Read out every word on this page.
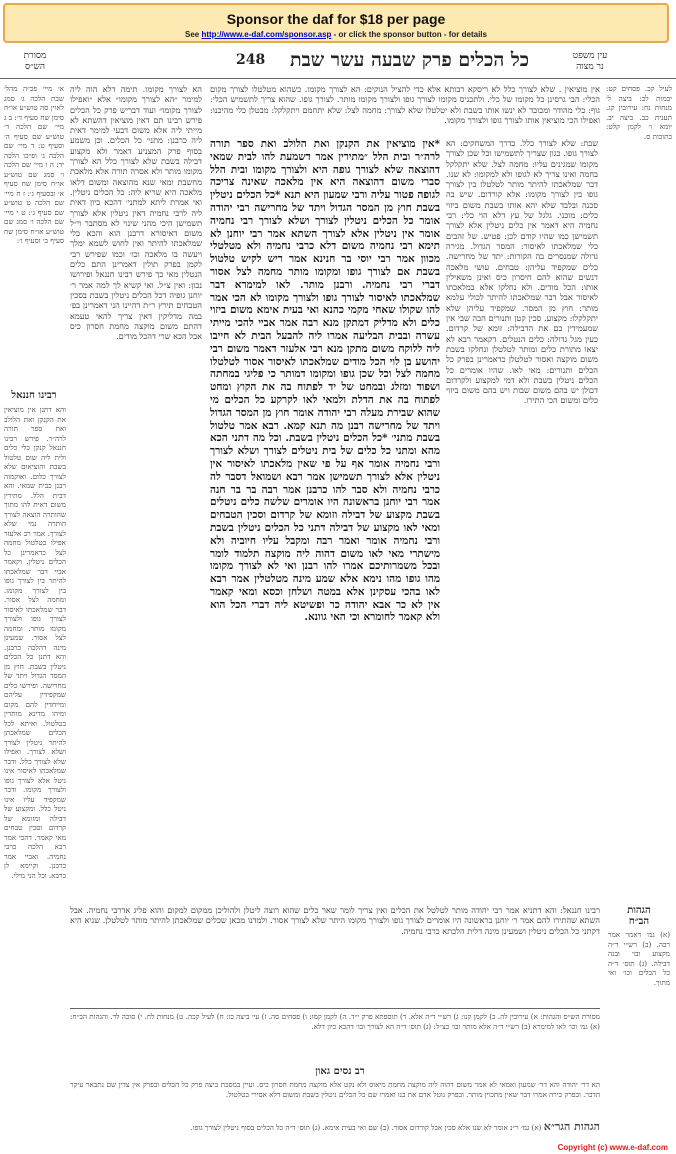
Sponsor the daf for $18 per page
See http://www.e-daf.com/sponsor.asp - or click the sponsor button - for details
מסורת
הש״ס	248 כל הכלים פרק שבעה עשר שבת	עין משפט
נר מצוה

א׳ מיי׳ פכ״ה מהל׳ שבת הלכה ג׳ סמג לאוין סה טוש״ע או״ח סימן שח סעיף ד׳: ב ג מיי׳ שם הלכה ד׳ טוש״ע שם סעיף ה׳ וסעיף ט: ד מיי׳ שם הלכה ג׳ ופ״כו הלכה יד: ה ו מיי׳ שם הלכה ו׳ סמג שם טוש״ע או״ח סימן שח סעיף א׳ ובסעיף ג׳: ז ח מיי׳ שם הלכה ט טוש״ע שם סעיף ג׳: ט י מיי׳ שם הלכה ו׳ סמג שם טוש״ע או״ח סימן שח סעיף ב׳ וסעיף ו׳:

רבינו חננאל

והא דתנן אין מוציאין את הקנקן ואת הלולב ואת ספר תורה לרה״ר. פירש רבינו חננאל קנקן כלי כלים ולית ליה שום טלטול בשבת והוציאום שלא לצורך כלום. ואוקמוה רבנן כבית שמאי. והא דבית הלל. מתירין משום דאית להו מתוך שהותרה הוצאה לצורך הותרה נמי שלא לצורך. אמר רב אלעזר אפילו בטלטול מחמה לצל כדאמרינן כל הכלים ניטלין. וקאמר אביי דבר שמלאכתו להיתר בין לצורך גופו בין לצורך מקומו. ומחמה לצל אסור. דבר שמלאכתו לאיסור לצורך גופו ולצורך מקומו מותר. ומחמה לצל אסור. שמעינן מינה דהלכה כרבנן. והא דתנן כל הכלים ניטלין בשבת. חוץ מן המסר הגדול ויתד של מחרישה. ופירשו כלים שמקפידין עליהם ומייחדין להם מקום ומיהו מדינא מותרין בטלטול. ואיתא לכל הכלים שמלאכתן להיתר ניטלין לצורך ושלא לצורך. ואפילו שלא לצורך כלל. ודבר שמלאכתו לאיסור אינו ניטל אלא לצורך גופו ולצורך מקומו. ודבר שמקפיד עליו אינו ניטל כלל. ומקצוע של דבילה ומזומא של קרדום וסכין טבחים מאי קאמר. דהכי אמר רבא הלכה כרבי נחמיה. ואביי אמר כרבנן. וקיימא לן כרבא. וכל הני מילי.

הא לצורך מקומו. תימה דלא הוה ליה למימר ״הא לצורך מקומו״ אלא ״ואפילו לצורך מקומו״ ועוד דבריש פרק כל הכלים פירש רבינו תם דאין מוציאין דהשתא לא מייתי ליה אלא משום דבעי למימר דאית ליה כרבנן: מתני׳ כל הכלים. וכן משמע בסוף פרק המצניע דאמר ולא מקצוע דבילה בשבת שלא לצורך כלל הא לצורך מקומו מותר ולא אסרה תורה אלא מלאכת מחשבת ומאי שנא מהוצאה ומשום דלאו מלאכה היא שריא ליה: כל הכלים ניטלין. ואי אמרת ליתא למתני׳ דהכא כיון דאית ליה לרבי נחמיה דאין ניטלין אלא לצורך תשמישן היכי מהני שינוי לא מסתבר וי״ל משום דאיסורא דרבנן הוא והכא כלי שמלאכתו להיתר ואין לחוש לשמא ימלך ויעשה בו מלאכה וכו׳ וכמו שפירש רבי לקמן בפרק תולין דאמרינן התם כלים הנטלין מאי כך פירש רבינו חננאל ופירושו נכון: ואין צ״ל. ואי קשיא לך למה אמר ר׳ יוחנן גופיה דכל הכלים ניטלין בשבת בסכין הטבחים תירץ ר״ת דהיינו הני דאמרינן בפ׳ במה מדליקין דאין צריך להאי טעמא דהתם משום מוקצה מחמת חסרון כיס אבל הכא שרי דהכל מודים.

אין מוציאין . שלא לצורך כלל לא ריסקא רבותא אלא כדי להציל הנוקים: הא לצורך מקומו. כשהוא מטלטלו לצורך מקום הכלי: הבי גרסינן כל מקומו של כלי. ולתכניס מקומו לצורך גופו ולצורך מקומו מותר. לצורך גופו. שהוא צריך לתשמיש הכלי: גוף: כלי מהודר ומכובד לא ינשו אותו בשבת ולא יטלטלו שלא לצורך: מחמה לצל: שלא יתחמם ויתקלקל: מבטלן כלי מהיכנו: ואפילו הכי מוציאין אותו לצורך גופו ולצורך מקומו.

*אין מוציאין את הקנקן ואת הלולב ואת ספר תורה לרה״ר ובית הלל ״מתירין אמר דשמעת להו לבית שמאי דהוצאה שלא לצורך גופה היא ולצורך מקומו ובית הלל סברי משום דהוצאה היא אין מלאכה שאינה צריכה לגופה פטור עליה ורבי שמעון היא תנא *כל הכלים ניטלין בשבת חוץ מן המסר הגדול ויתד של מחרישה רבי יהודה אומר כל הכלים ניטלין לצורך ושלא לצורך רבי נחמיה אומר אין ניטלין אלא לצורך השתא אמר רבי יוחנן לא תימא רבי נחמיה משום דלא כרבי נחמיה ולא מטלטלי מכוון אמר רבי יוסי בר חנינא אמר ריש לקיש טלטול בשבת אם לצורך גופו ומקומו מותר מחמה לצל אסור דברי רבי נחמיה. ורבנן מותר. לאו למימרא דבר שמלאכתו לאיסור לצורך גופו ולצורך מקומו לא הכי אמר להו שקולו שאחי מקמי כהנא ואי בעית אימא משום ביזוי כלים ולא מדליק דמתקן מנא רבה אמר אביי להכי מייתי עשרה ובבית הבליעה אמרו ליה להבעל הבית לא חייבו ליה ללוקח משום מתקן מנא רבי אלעזר דאמר משום רבי יהושע בן לוי הכל מודים שמלאכתו לאיסור אסור לטלטלו מחמה לצל וכל שכן גופו ומקומו דמותר כי פליגי במחתה ושפוד ומזלג ובמחט של יד לפתוח בה את הקוץ ומחט לפתוח בה את הדלת ולמאי לאו לקרקע כל הכלים מי שהוא שבירת מעלה רבי יהודה אומר חוץ מן המסר הגדול ויתד של מחרישה רבנן מה תנא קמא. רבא אמר טלטול בשבת מתני׳ *כל הכלים ניטלין בשבת. וכל מה דתני הכא מהא ומתני כל כלים של בית ניטלים לצורך ושלא לצורך ורבי נחמיה אומר אף על פי שאין מלאכתו לאיסור אין ניטלין אלא לצורך תשמישן אמר רבא ושמואל דסבר לה כרבי נחמיה ולא סבר להו כרבנן אמר רבה בר בר חנה אמר רבי יוחנן בראשונה היו אומרים שלשה כלים ניטלים בשבת מקצוע של דבילה וזומא של קרדום וסכין הטבחים ומאי לאו מקצוע של דבילה דתני כל הכלים ניטלין בשבת ורבי נחמיה אומר ואמר רבה ומקבל עליו חיוביה ולא מישתרי מאי לאו משום דהוה ליה מוקצה תלמוד לומר ובכל משמרותיכם אמרו להו רבנן ואי לא לצורך מקומו מהו גופו מהו נימא אלא שמע מינה מטלטלין אמר רבא לאו בהכי עסקינן אלא במטה ושלחן וכסא ומאי קאמר אין לא כר אבא יהודה כר ופשיטא ליה דברי הכל הוא ולא קאמר לחומרא וכי האי גוונא.

שבת: שלא לצורך כלל. כדרך המשחקים: הא לצורך גופו. כגון שצריך לתשמישו וכל שכן לצורך מקומו שמגינים עליו: מחמה לצל. שלא יתקלקל בחמה ואינו צריך לא לגופו ולא למקומו: לא שנו. דבר שמלאכתו להיתר מותר לטלטלו בין לצורך גופו בין לצורך מקומו: אלא קורדום. שיש בה סכנה ובלבד שלא יהא אותו בשבת משום ביזוי כלים: מוכני. גלגל של עץ דלא הוי כלי: רבי נחמיה היא דאמר אין כלים ניטלין אלא לצורך תשמישן כמו שהיו קודם לכן: פטיש. של זהבים כלי שמלאכתו לאיסור: המסר הגדול. מגירה גדולה שמנסרים בה הקורות: יתד של מחרישה. כלים שמקפיד עליהן: טבחים. עושי מלאכה דנשים שהוא להם חיסרון כיס ואינן משאילין אותו: הכל מודים. ולא נחלקו אלא במלאכתו לאיסור אבל דבר שמלאכתו להיתר לכולי עלמא מותר: חוץ מן המסר. שמקפיד עליהן שלא יתקלקלו: מקצוע. סכין קטן ותנורים הבה שבי אין שמעמידין בם את הדבילה: זומא של קרדום. כעין מגל גדולה: כלים הנטלים. דקאמר רבא לא יצאו מתורת כלים ומותר לטלטלן ונחלקו בשבת משום מוקצה ואסור לטלטלן כדאמרינן בפרק כל הכלים ותנורים: מאי לאו. שהיו אומרים כל הכלים ניטלין בשבת ולא דמי למקצוע ולקרדום דכולן יש בהם משום שבות ויש בהם משום ביזוי כלים ומשום הכי התירו.

לעיל קכ. פסחים קט: יבמות לב: ביצה ל׳ מנחות נח: עירובין קג. תענית כב. ביצה יב. יומא ו׳ לקמן קלט: כתובות ס.

הגהות
הב״ח

(א) גמ׳ דאמר אמר רבה. (ב) רש״י ד״ה מקצוע ובו׳ ובנה דבילה. (ג) תוס׳ ד״ה כל הכלים וכו׳ ואי מתוך.

רבינו חננאל: והא דתניא אמר רבי יהודה מותר לטלטל את הכלים ואין צריך לומר שאר כלים שהוא רוצה ליטלן ולהוליכן ממקום למקום והוא פליג אדרבי נחמיה. אבל השתא שהתירו להם אמר ר׳ יוחנן בראשונה היו אומרים לצורך גופו ולצורך מקומו היתר שלא לצורך אסור. ולמדנו מכאן שכלים שמלאכתן להיתר מותר לטלטלן. שניא היא דקתני כל הכלים ניטלין ושמעינן מינה דלית הלכתא כרבי נחמיה.

מסורת הש״ס והגהות: א) עירובין לה. ב) לקמן קנו: ג) רש״י ד״ה אלא. ד) תוספתא פרק י״ד. ה) לקמן קמו: ו) פסחים סה. ז) עי׳ ביצה כו: ח) לעיל קכה. ט) מנחות לח. י) סוכה לד. והגהות הב״ח: (א) גמ׳ וכו׳ לאו למימרא (ב) רש״י ד״ה אלא מותר ובו׳ כצ״ל: (ג) תוס׳ ד״ה הא לצורך ובו׳ דהכא כיון דלא.

רב נסים גאון

הא דר׳ יהודה והא דר׳ שמעון ואמאי לא אמר משום דהוה ליה מוקצה מחמת מיאוס ולא נקט אלא מוקצה מחמת חסרון כיס. ועיין במסכת ביצה פרק כל הכלים ובפרק אין צדין שם נתבאר עיקר הדבר. ובפרק כירה אמרו דבר שאין מתכוין מותר. ובפרק נוטל אדם את בנו ואמרו שם כל הכלים ניטלין בשבת ומשום דלא אסירי בטלטול.

הגהות הגר״א (א) גמ׳ ר״נ אומר לא שנו אלא סכין אבל קורדום אסור. (ב) שם ואי בעית אימא. (ג) תוס׳ ד״ה כל הכלים בסוף ניטלין לצורך גופו.
Copyright (c) www.e-daf.com
